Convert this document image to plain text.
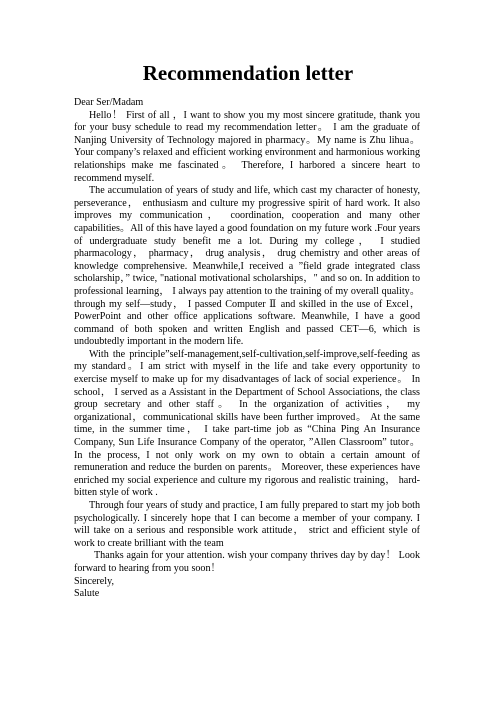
Recommendation letter

Dear Ser/Madam

Hello！ First of all ，I want to show you my most sincere gratitude, thank you for your busy schedule to read my recommendation letter。 I am the graduate of Nanjing University of Technology majored in pharmacy。My name is Zhu lihua。 Your company’s relaxed and efficient working environment and harmonious working relationships make me fascinated。 Therefore, I harbored a sincere heart to recommend myself.

The accumulation of years of study and life, which cast my character of honesty, perseverance， enthusiasm and culture my progressive spirit of hard work. It also improves my communication， coordination, cooperation and many other capabilities。All of this have layed a good foundation on my future work .Four years of undergraduate study benefit me a lot. During my college， I studied pharmacology， pharmacy， drug analysis， drug chemistry and other areas of knowledge comprehensive. Meanwhile,I received a ”field grade integrated class scholarship，” twice, "national motivational scholarships，" and so on. In addition to professional learning， I always pay attention to the training of my overall quality。through my self—study， I passed Computer Ⅱ and skilled in the use of Excel，PowerPoint and other office applications software. Meanwhile, I have a good command of both spoken and written English and passed CET—6, which is undoubtedly important in the modern life.

With the principle”self-management,self-cultivation,self-improve,self-feeding as my standard。I am strict with myself in the life and take every opportunity to exercise myself to make up for my disadvantages of lack of social experience。 In school， I served as a Assistant in the Department of School Associations, the class group secretary and other staff。 In the organization of activities， my organizational，communicational skills have been further improved。 At the same time, in the summer time， I take part-time job as “China Ping An Insurance Company, Sun Life Insurance Company of the operator, ”Allen Classroom” tutor。 In the process, I not only work on my own to obtain a certain amount of remuneration and reduce the burden on parents。 Moreover, these experiences have enriched my social experience and culture my rigorous and realistic training， hard-bitten style of work .

Through four years of study and practice, I am fully prepared to start my job both psychologically. I sincerely hope that I can become a member of your company. I will take on a serious and responsible work attitude， strict and efficient style of work to create brilliant with the team

Thanks again for your attention. wish your company thrives day by day！ Look forward to hearing from you soon！

Sincerely,

Salute
